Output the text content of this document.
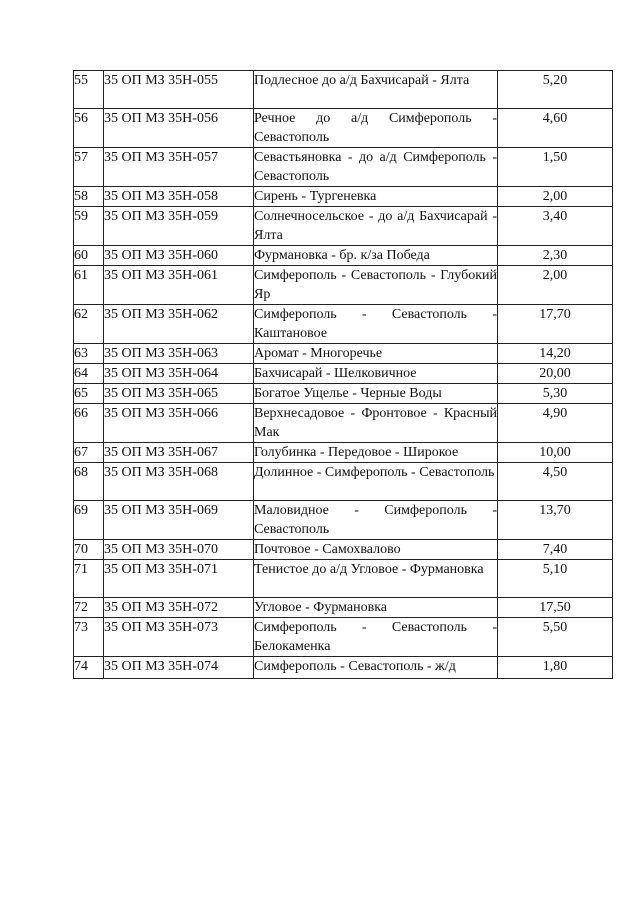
55	35 ОП МЗ 35Н-055	Подлесное до а/д Бахчисарай - Ялта	5,20
56	35 ОП МЗ 35Н-056	Речное до а/д Симферополь - Севастополь	4,60
57	35 ОП МЗ 35Н-057	Севастьяновка - до а/д Симферополь - Севастополь	1,50
58	35 ОП МЗ 35Н-058	Сирень - Тургеневка	2,00
59	35 ОП МЗ 35Н-059	Солнечносельское - до а/д Бахчисарай - Ялта	3,40
60	35 ОП МЗ 35Н-060	Фурмановка - бр. к/за Победа	2,30
61	35 ОП МЗ 35Н-061	Симферополь - Севастополь - Глубокий Яр	2,00
62	35 ОП МЗ 35Н-062	Симферополь - Севастополь - Каштановое	17,70
63	35 ОП МЗ 35Н-063	Аромат - Многоречье	14,20
64	35 ОП МЗ 35Н-064	Бахчисарай - Шелковичное	20,00
65	35 ОП МЗ 35Н-065	Богатое Ущелье - Черные Воды	5,30
66	35 ОП МЗ 35Н-066	Верхнесадовое - Фронтовое - Красный Мак	4,90
67	35 ОП МЗ 35Н-067	Голубинка - Передовое - Широкое	10,00
68	35 ОП МЗ 35Н-068	Долинное - Симферополь - Севастополь	4,50
69	35 ОП МЗ 35Н-069	Маловидное - Симферополь - Севастополь	13,70
70	35 ОП МЗ 35Н-070	Почтовое - Самохвалово	7,40
71	35 ОП МЗ 35Н-071	Тенистое до а/д Угловое - Фурмановка	5,10
72	35 ОП МЗ 35Н-072	Угловое - Фурмановка	17,50
73	35 ОП МЗ 35Н-073	Симферополь - Севастополь - Белокаменка	5,50
74	35 ОП МЗ 35Н-074	Симферополь - Севастополь - ж/д	1,80
